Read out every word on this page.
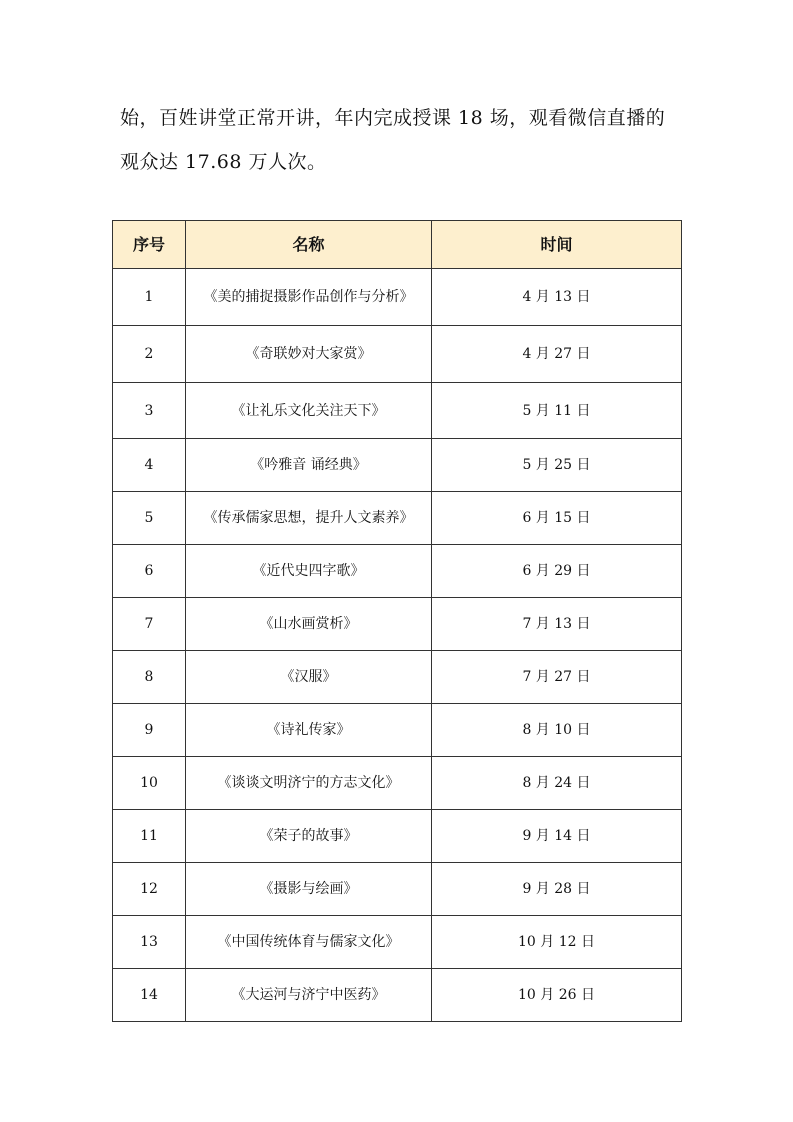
始，百姓讲堂正常开讲，年内完成授课 18 场，观看微信直播的
观众达 17.68 万人次。

序号	名称	时间
1	《美的捕捉摄影作品创作与分析》	4 月 13 日
2	《奇联妙对大家赏》	4 月 27 日
3	《让礼乐文化关注天下》	5 月 11 日
4	《吟雅音 诵经典》	5 月 25 日
5	《传承儒家思想，提升人文素养》	6 月 15 日
6	《近代史四字歌》	6 月 29 日
7	《山水画赏析》	7 月 13 日
8	《汉服》	7 月 27 日
9	《诗礼传家》	8 月 10 日
10	《谈谈文明济宁的方志文化》	8 月 24 日
11	《荣子的故事》	9 月 14 日
12	《摄影与绘画》	9 月 28 日
13	《中国传统体育与儒家文化》	10 月 12 日
14	《大运河与济宁中医药》	10 月 26 日
